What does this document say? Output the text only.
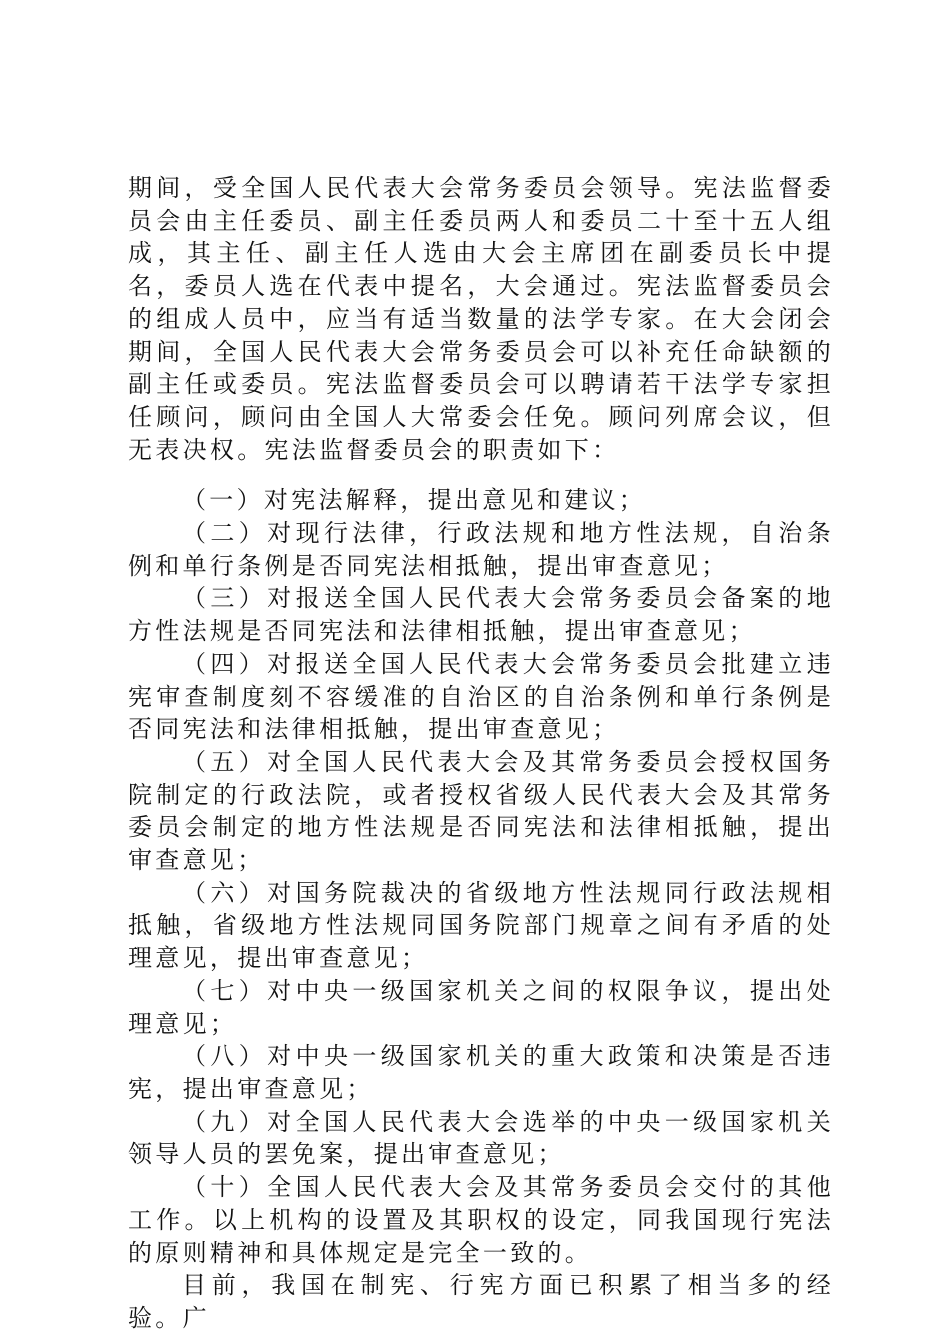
期间，受全国人民代表大会常务委员会领导。宪法监督委员会由主任委员、副主任委员两人和委员二十至十五人组成，其主任、副主任人选由大会主席团在副委员长中提名，委员人选在代表中提名，大会通过。宪法监督委员会的组成人员中，应当有适当数量的法学专家。在大会闭会期间，全国人民代表大会常务委员会可以补充任命缺额的副主任或委员。宪法监督委员会可以聘请若干法学专家担任顾问，顾问由全国人大常委会任免。顾问列席会议，但无表决权。宪法监督委员会的职责如下：

（一）对宪法解释，提出意见和建议；

（二）对现行法律，行政法规和地方性法规，自治条例和单行条例是否同宪法相抵触，提出审查意见；

（三）对报送全国人民代表大会常务委员会备案的地方性法规是否同宪法和法律相抵触，提出审查意见；

（四）对报送全国人民代表大会常务委员会批建立违宪审查制度刻不容缓准的自治区的自治条例和单行条例是否同宪法和法律相抵触，提出审查意见；

（五）对全国人民代表大会及其常务委员会授权国务院制定的行政法院，或者授权省级人民代表大会及其常务委员会制定的地方性法规是否同宪法和法律相抵触，提出审查意见；

（六）对国务院裁决的省级地方性法规同行政法规相抵触，省级地方性法规同国务院部门规章之间有矛盾的处理意见，提出审查意见；

（七）对中央一级国家机关之间的权限争议，提出处理意见；

（八）对中央一级国家机关的重大政策和决策是否违宪，提出审查意见；

（九）对全国人民代表大会选举的中央一级国家机关领导人员的罢免案，提出审查意见；

（十）全国人民代表大会及其常务委员会交付的其他工作。以上机构的设置及其职权的设定，同我国现行宪法的原则精神和具体规定是完全一致的。

目前，我国在制宪、行宪方面已积累了相当多的经验。广
